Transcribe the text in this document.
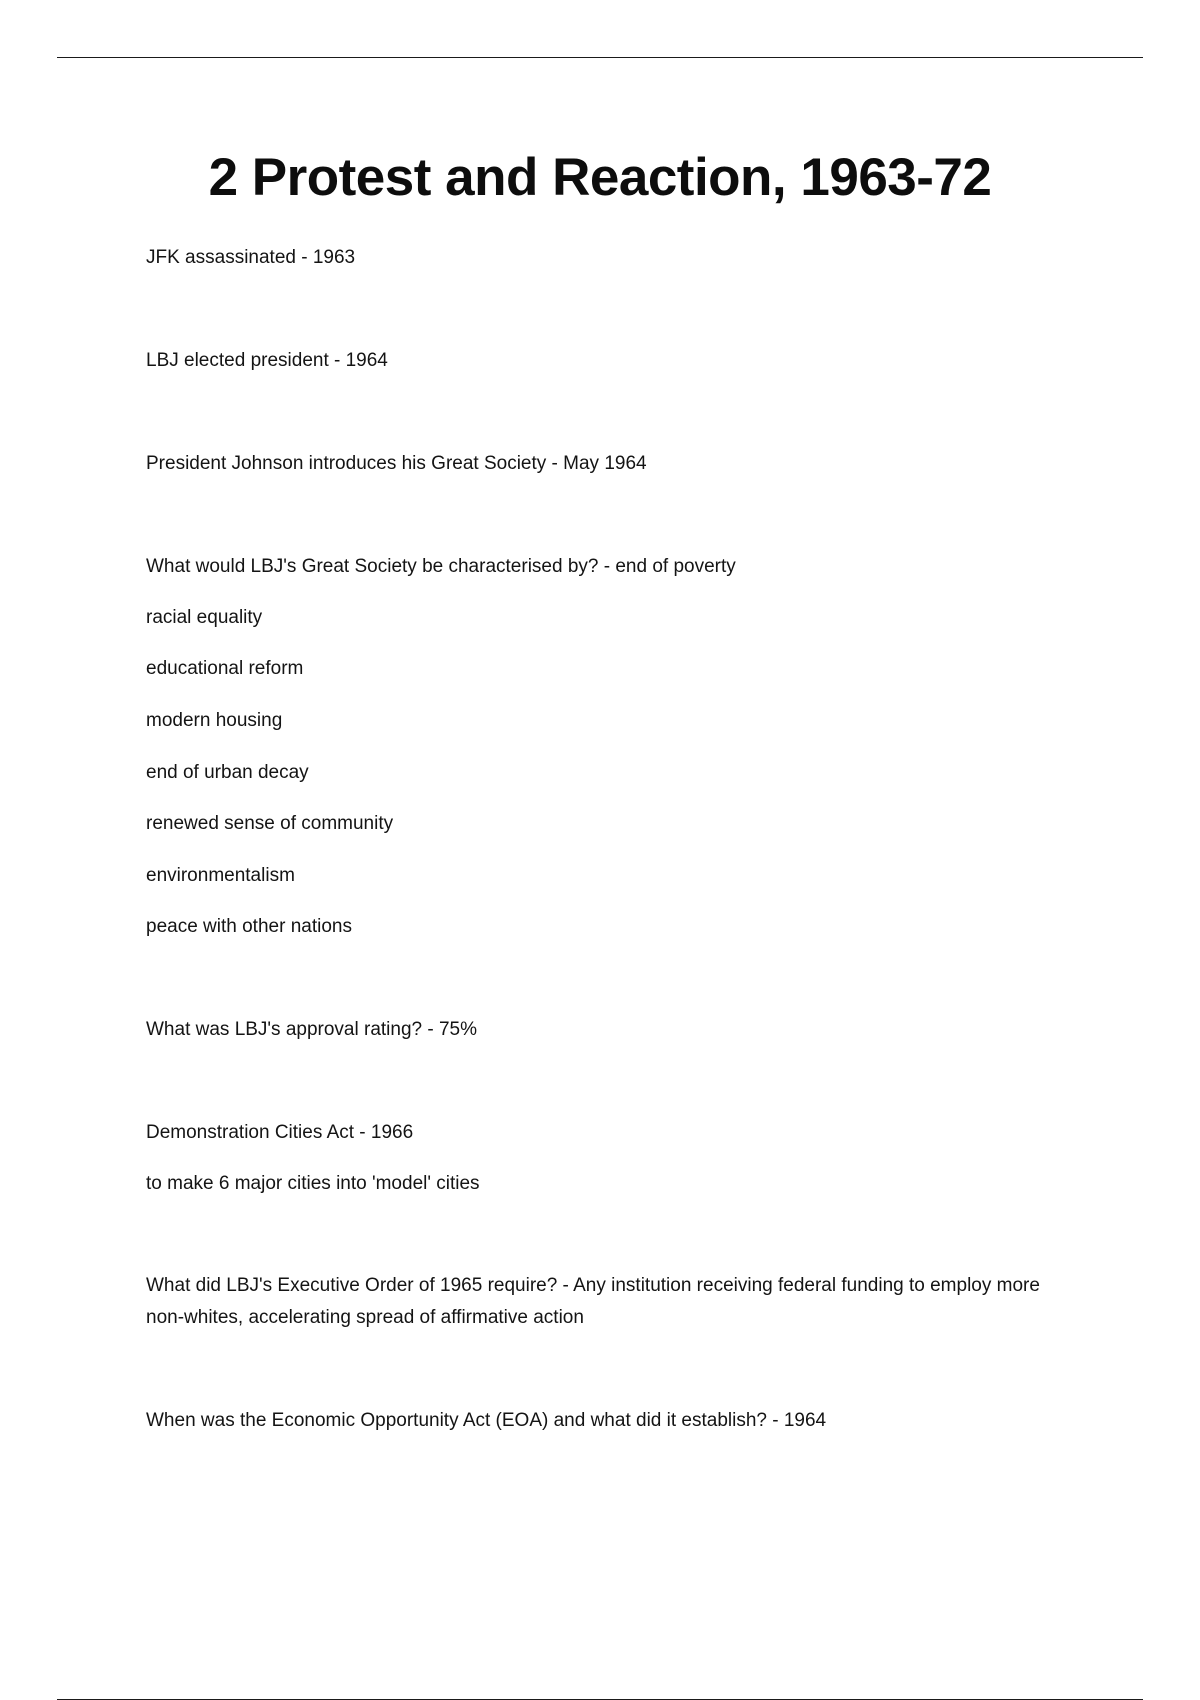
2 Protest and Reaction, 1963-72
JFK assassinated - 1963
LBJ elected president - 1964
President Johnson introduces his Great Society - May 1964
What would LBJ's Great Society be characterised by? - end of poverty
racial equality
educational reform
modern housing
end of urban decay
renewed sense of community
environmentalism
peace with other nations
What was LBJ's approval rating? - 75%
Demonstration Cities Act - 1966
to make 6 major cities into 'model' cities
What did LBJ's Executive Order of 1965 require? - Any institution receiving federal funding to employ more non-whites, accelerating spread of affirmative action
When was the Economic Opportunity Act (EOA) and what did it establish? - 1964
